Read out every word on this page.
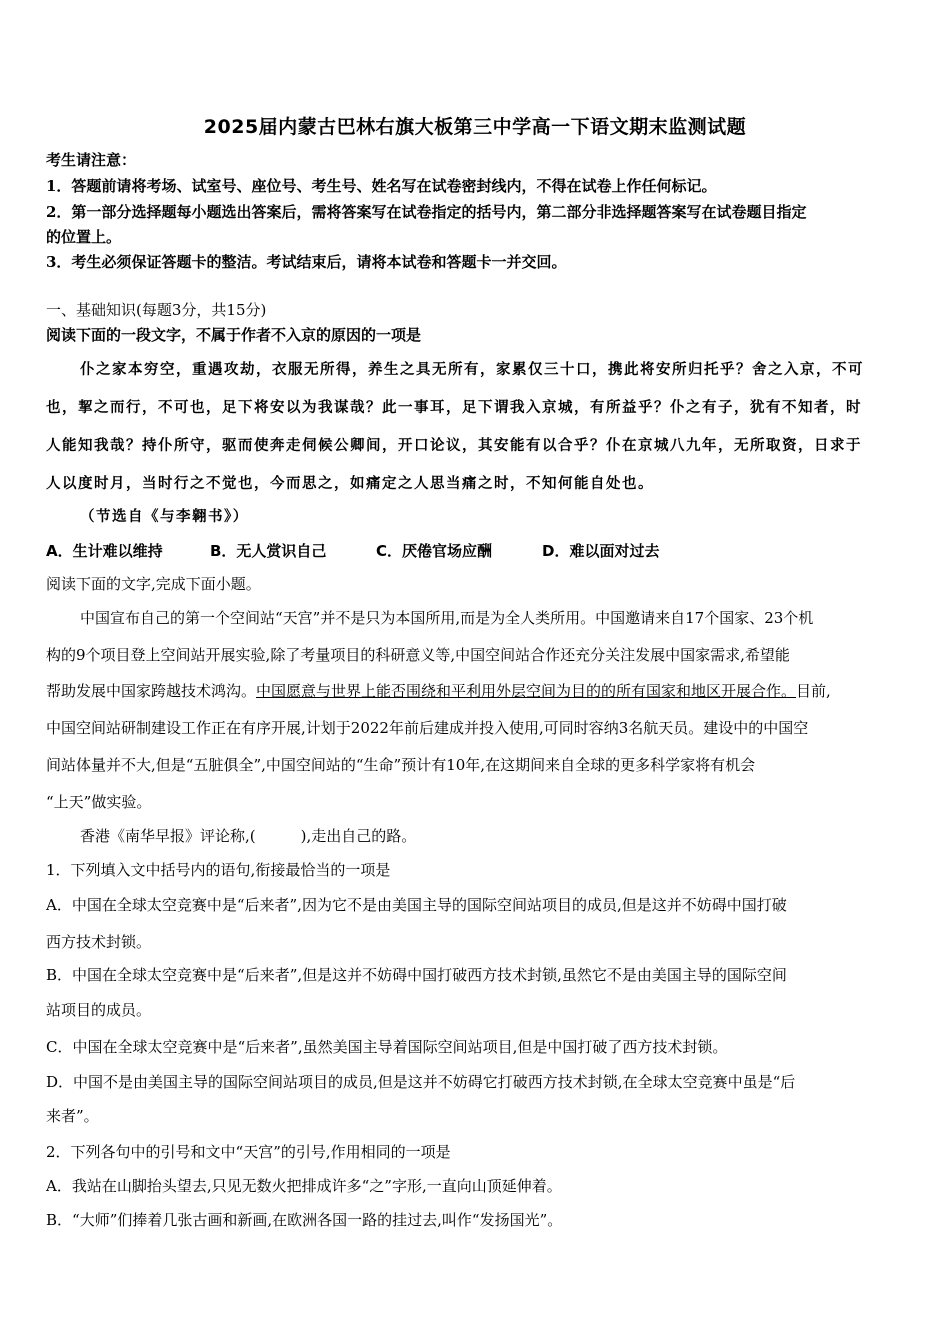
2025届内蒙古巴林右旗大板第三中学高一下语文期末监测试题
考生请注意：
1．答题前请将考场、试室号、座位号、考生号、姓名写在试卷密封线内，不得在试卷上作任何标记。
2．第一部分选择题每小题选出答案后，需将答案写在试卷指定的括号内，第二部分非选择题答案写在试卷题目指定
的位置上。
3．考生必须保证答题卡的整洁。考试结束后，请将本试卷和答题卡一并交回。
一、基础知识(每题3分，共15分)
阅读下面的一段文字，不属于作者不入京的原因的一项是
仆之家本穷空，重遇攻劫，衣服无所得，养生之具无所有，家累仅三十口，携此将安所归托乎？舍之入京，不可
也，挈之而行，不可也，足下将安以为我谋哉？此一事耳，足下谓我入京城，有所益乎？仆之有子，犹有不知者，时
人能知我哉？持仆所守，驱而使奔走伺候公卿间，开口论议，其安能有以合乎？仆在京城八九年，无所取资，日求于
人以度时月，当时行之不觉也，今而思之，如痛定之人思当痛之时，不知何能自处也。
（节选自《与李翱书》）
A．生计难以维持	B．无人赏识自己	C．厌倦官场应酬	D．难以面对过去
阅读下面的文字,完成下面小题。
中国宣布自己的第一个空间站“天宫”并不是只为本国所用,而是为全人类所用。中国邀请来自17个国家、23个机
构的9个项目登上空间站开展实验,除了考量项目的科研意义等,中国空间站合作还充分关注发展中国家需求,希望能
帮助发展中国家跨越技术鸿沟。中国愿意与世界上能否围绕和平利用外层空间为目的的所有国家和地区开展合作。目前,
中国空间站研制建设工作正在有序开展,计划于2022年前后建成并投入使用,可同时容纳3名航天员。建设中的中国空
间站体量并不大,但是“五脏俱全”,中国空间站的“生命”预计有10年,在这期间来自全球的更多科学家将有机会
“上天”做实验。
香港《南华早报》评论称,(　　　),走出自己的路。
1．下列填入文中括号内的语句,衔接最恰当的一项是
A．中国在全球太空竞赛中是“后来者”,因为它不是由美国主导的国际空间站项目的成员,但是这并不妨碍中国打破
西方技术封锁。
B．中国在全球太空竞赛中是“后来者”,但是这并不妨碍中国打破西方技术封锁,虽然它不是由美国主导的国际空间
站项目的成员。
C．中国在全球太空竞赛中是“后来者”,虽然美国主导着国际空间站项目,但是中国打破了西方技术封锁。
D．中国不是由美国主导的国际空间站项目的成员,但是这并不妨碍它打破西方技术封锁,在全球太空竞赛中虽是“后
来者”。
2．下列各句中的引号和文中“天宫”的引号,作用相同的一项是
A．我站在山脚抬头望去,只见无数火把排成许多“之”字形,一直向山顶延伸着。
B．“大师”们捧着几张古画和新画,在欧洲各国一路的挂过去,叫作“发扬国光”。
